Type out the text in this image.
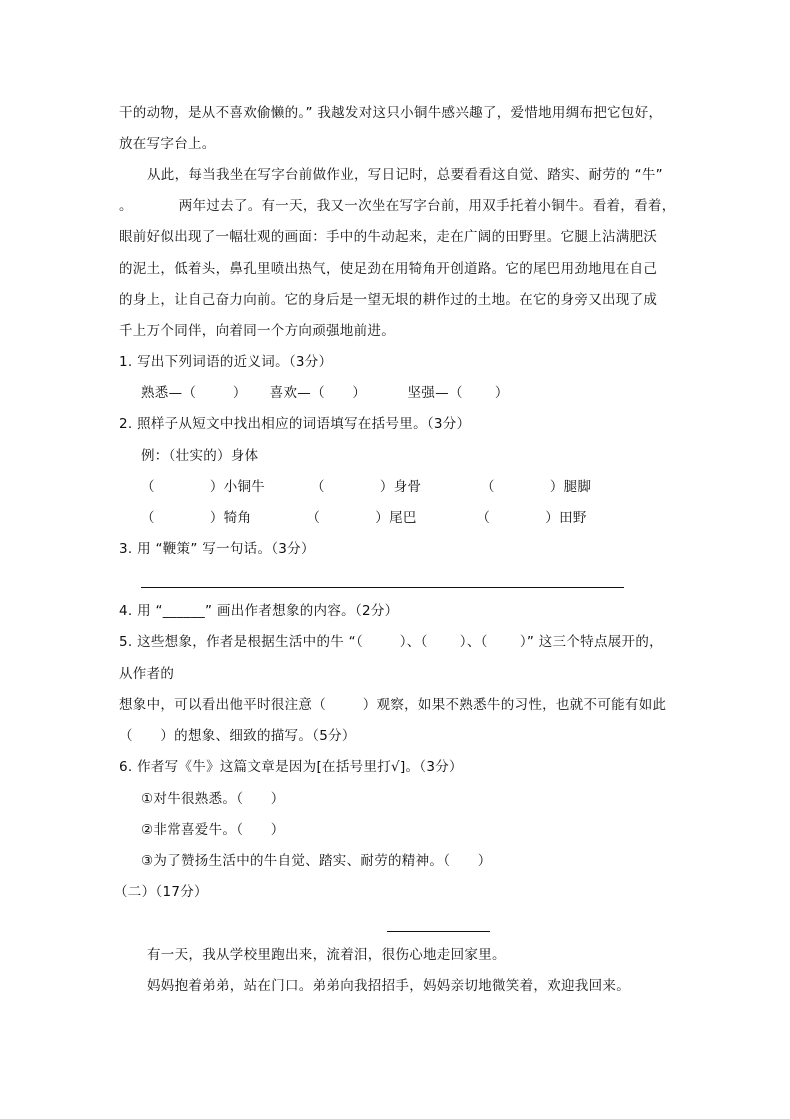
干的动物，是从不喜欢偷懒的。” 我越发对这只小铜牛感兴趣了，爱惜地用绸布把它包好，
放在写字台上。
从此，每当我坐在写字台前做作业，写日记时，总要看看这自觉、踏实、耐劳的 “牛”
。          两年过去了。有一天，我又一次坐在写字台前，用双手托着小铜牛。看着，看着，
眼前好似出现了一幅壮观的画面：手中的牛动起来，走在广阔的田野里。它腿上沾满肥沃
的泥土，低着头，鼻孔里喷出热气，使足劲在用犄角开创道路。它的尾巴用劲地甩在自己
的身上，让自己奋力向前。它的身后是一望无垠的耕作过的土地。在它的身旁又出现了成
千上万个同伴，向着同一个方向顽强地前进。
1. 写出下列词语的近义词。（3分）
熟悉—（        ）     喜欢—（      ）         坚强—（       ）
2. 照样子从短文中找出相应的词语填写在括号里。（3分）
例：（壮实的）身体
（            ）小铜牛          （            ）身骨             （            ）腿脚
（            ）犄角            （            ）尾巴             （            ）田野
3. 用 “鞭策” 写一句话。（3分）
4. 用 “______” 画出作者想象的内容。（2分）
5. 这些想象，作者是根据生活中的牛 “（        ）、（       ）、（       ）” 这三个特点展开的，
从作者的
想象中，可以看出他平时很注意（        ）观察，如果不熟悉牛的习性，也就不可能有如此
（      ）的想象、细致的描写。（5分）
6. 作者写《牛》这篇文章是因为[在括号里打√]。（3分）
①对牛很熟悉。（      ）
②非常喜爱牛。（      ）
③为了赞扬生活中的牛自觉、踏实、耐劳的精神。（      ）
（二）（17分）
有一天，我从学校里跑出来，流着泪，很伤心地走回家里。
妈妈抱着弟弟，站在门口。弟弟向我招招手，妈妈亲切地微笑着，欢迎我回来。
